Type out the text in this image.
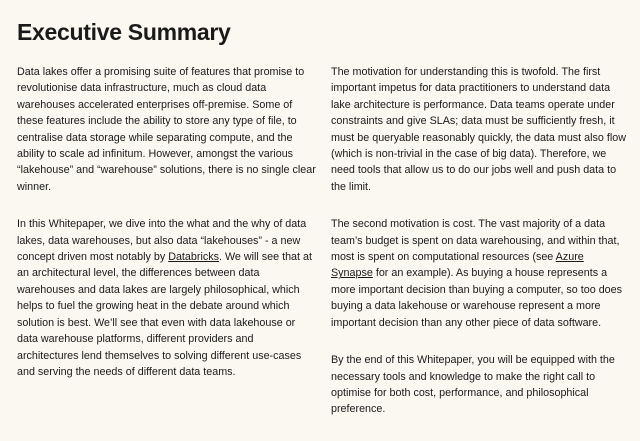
Executive Summary

Data lakes offer a promising suite of features that promise to revolutionise data infrastructure, much as cloud data warehouses accelerated enterprises off-premise. Some of these features include the ability to store any type of file, to centralise data storage while separating compute, and the ability to scale ad infinitum. However, amongst the various “lakehouse” and “warehouse” solutions, there is no single clear winner.

In this Whitepaper, we dive into the what and the why of data lakes, data warehouses, but also data “lakehouses” - a new concept driven most notably by Databricks. We will see that at an architectural level, the differences between data warehouses and data lakes are largely philosophical, which helps to fuel the growing heat in the debate around which solution is best. We’ll see that even with data lakehouse or data warehouse platforms, different providers and architectures lend themselves to solving different use-cases and serving the needs of different data teams.

The motivation for understanding this is twofold. The first important impetus for data practitioners to understand data lake architecture is performance. Data teams operate under constraints and give SLAs; data must be sufficiently fresh, it must be queryable reasonably quickly, the data must also flow (which is non-trivial in the case of big data). Therefore, we need tools that allow us to do our jobs well and push data to the limit.

The second motivation is cost. The vast majority of a data team’s budget is spent on data warehousing, and within that, most is spent on computational resources (see Azure Synapse for an example). As buying a house represents a more important decision than buying a computer, so too does buying a data lakehouse or warehouse represent a more important decision than any other piece of data software.

By the end of this Whitepaper, you will be equipped with the necessary tools and knowledge to make the right call to optimise for both cost, performance, and philosophical preference.
